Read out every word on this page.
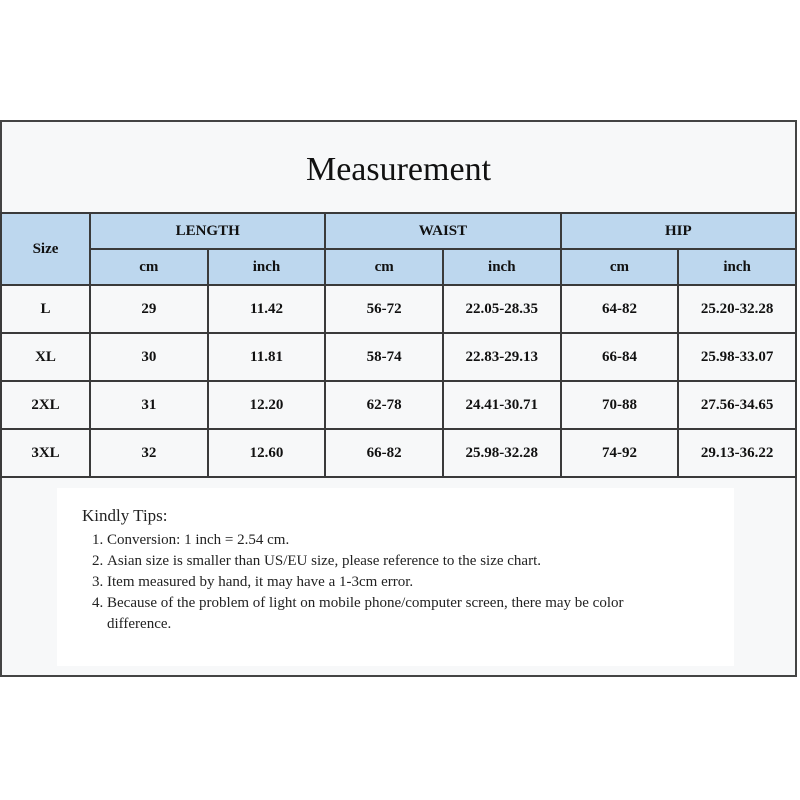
Measurement
Size	LENGTH		WAIST		HIP	
	cm	inch	cm	inch	cm	inch
L	29	11.42	56-72	22.05-28.35	64-82	25.20-32.28
XL	30	11.81	58-74	22.83-29.13	66-84	25.98-33.07
2XL	31	12.20	62-78	24.41-30.71	70-88	27.56-34.65
3XL	32	12.60	66-82	25.98-32.28	74-92	29.13-36.22
Kindly Tips:
1. Conversion: 1 inch = 2.54 cm.
2. Asian size is smaller than US/EU size, please reference to the size chart.
3. Item measured by hand, it may have a 1-3cm error.
4. Because of the problem of light on mobile phone/computer screen, there may be color difference.
